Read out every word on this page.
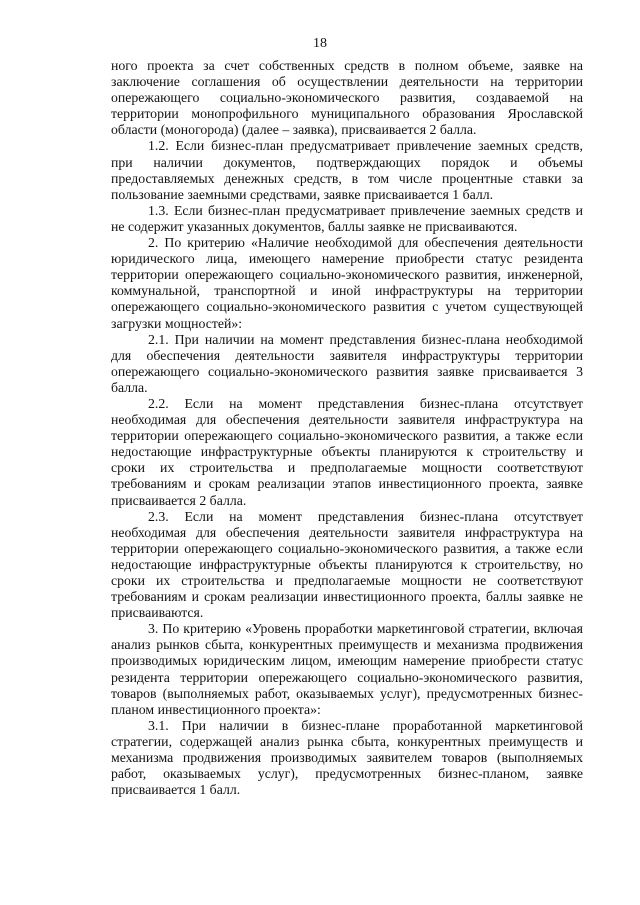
18

ного проекта за счет собственных средств в полном объеме, заявке на заключение соглашения об осуществлении деятельности на территории опережающего социально-экономического развития, создаваемой на территории монопрофильного муниципального образования Ярославской области (моногорода) (далее – заявка), присваивается 2 балла.

1.2. Если бизнес-план предусматривает привлечение заемных средств, при наличии документов, подтверждающих порядок и объемы предоставляемых денежных средств, в том числе процентные ставки за пользование заемными средствами, заявке присваивается 1 балл.

1.3. Если бизнес-план предусматривает привлечение заемных средств и не содержит указанных документов, баллы заявке не присваиваются.

2. По критерию «Наличие необходимой для обеспечения деятельности юридического лица, имеющего намерение приобрести статус резидента территории опережающего социально-экономического развития, инженерной, коммунальной, транспортной и иной инфраструктуры на территории опережающего социально-экономического развития с учетом существующей загрузки мощностей»:

2.1. При наличии на момент представления бизнес-плана необходимой для обеспечения деятельности заявителя инфраструктуры территории опережающего социально-экономического развития заявке присваивается 3 балла.

2.2. Если на момент представления бизнес-плана отсутствует необходимая для обеспечения деятельности заявителя инфраструктура на территории опережающего социально-экономического развития, а также если недостающие инфраструктурные объекты планируются к строительству и сроки их строительства и предполагаемые мощности соответствуют требованиям и срокам реализации этапов инвестиционного проекта, заявке присваивается 2 балла.

2.3. Если на момент представления бизнес-плана отсутствует необходимая для обеспечения деятельности заявителя инфраструктура на территории опережающего социально-экономического развития, а также если недостающие инфраструктурные объекты планируются к строительству, но сроки их строительства и предполагаемые мощности не соответствуют требованиям и срокам реализации инвестиционного проекта, баллы заявке не присваиваются.

3. По критерию «Уровень проработки маркетинговой стратегии, включая анализ рынков сбыта, конкурентных преимуществ и механизма продвижения производимых юридическим лицом, имеющим намерение приобрести статус резидента территории опережающего социально-экономического развития, товаров (выполняемых работ, оказываемых услуг), предусмотренных бизнес-планом инвестиционного проекта»:

3.1. При наличии в бизнес-плане проработанной маркетинговой стратегии, содержащей анализ рынка сбыта, конкурентных преимуществ и механизма продвижения производимых заявителем товаров (выполняемых работ, оказываемых услуг), предусмотренных бизнес-планом, заявке присваивается 1 балл.
